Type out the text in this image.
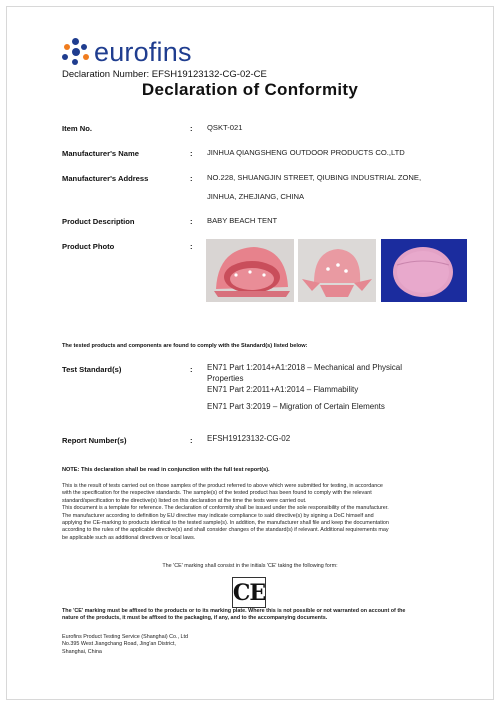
eurofins
Declaration Number: EFSH19123132-CG-02-CE
Declaration of Conformity
Item No.	: QSKT-021
Manufacturer's Name	: JINHUA QIANGSHENG OUTDOOR PRODUCTS CO.,LTD
Manufacturer's Address	: NO.228, SHUANGJIN STREET, QIUBING INDUSTRIAL ZONE,
JINHUA, ZHEJIANG, CHINA
Product Description	: BABY BEACH TENT
Product Photo	:
The tested products and components are found to comply with the Standard(s) listed below:
Test Standard(s)	: EN71 Part 1:2014+A1:2018 – Mechanical and Physical
Properties
EN71 Part 2:2011+A1:2014 – Flammability
EN71 Part 3:2019 – Migration of Certain Elements
Report Number(s)	: EFSH19123132-CG-02
NOTE: This declaration shall be read in conjunction with the full test report(s).
This is the result of tests carried out on those samples of the product referred to above which were submitted for testing, in accordance
with the specification for the respective standards. The sample(s) of the tested product has been found to comply with the relevant
standard/specification to the directive(s) listed on this declaration at the time the tests were carried out.
This document is a template for reference. The declaration of conformity shall be issued under the sole responsibility of the manufacturer.
The manufacturer according to definition by EU directive may indicate compliance to said directive(s) by signing a DoC himself and
applying the CE-marking to products identical to the tested sample(s). In addition, the manufacturer shall file and keep the documentation
according to the rules of the applicable directive(s) and shall consider changes of the standard(s) if relevant. Additional requirements may
be applicable such as additional directives or local laws.
The 'CE' marking shall consist in the initials 'CE' taking the following form:
CE
The 'CE' marking must be affixed to the products or to its marking plate. Where this is not possible or not warranted on account of the
nature of the products, it must be affixed to the packaging, if any, and to the accompanying documents.
Eurofins Product Testing Service (Shanghai) Co., Ltd
No.395 West Jiangchang Road, Jing'an District,
Shanghai, China
